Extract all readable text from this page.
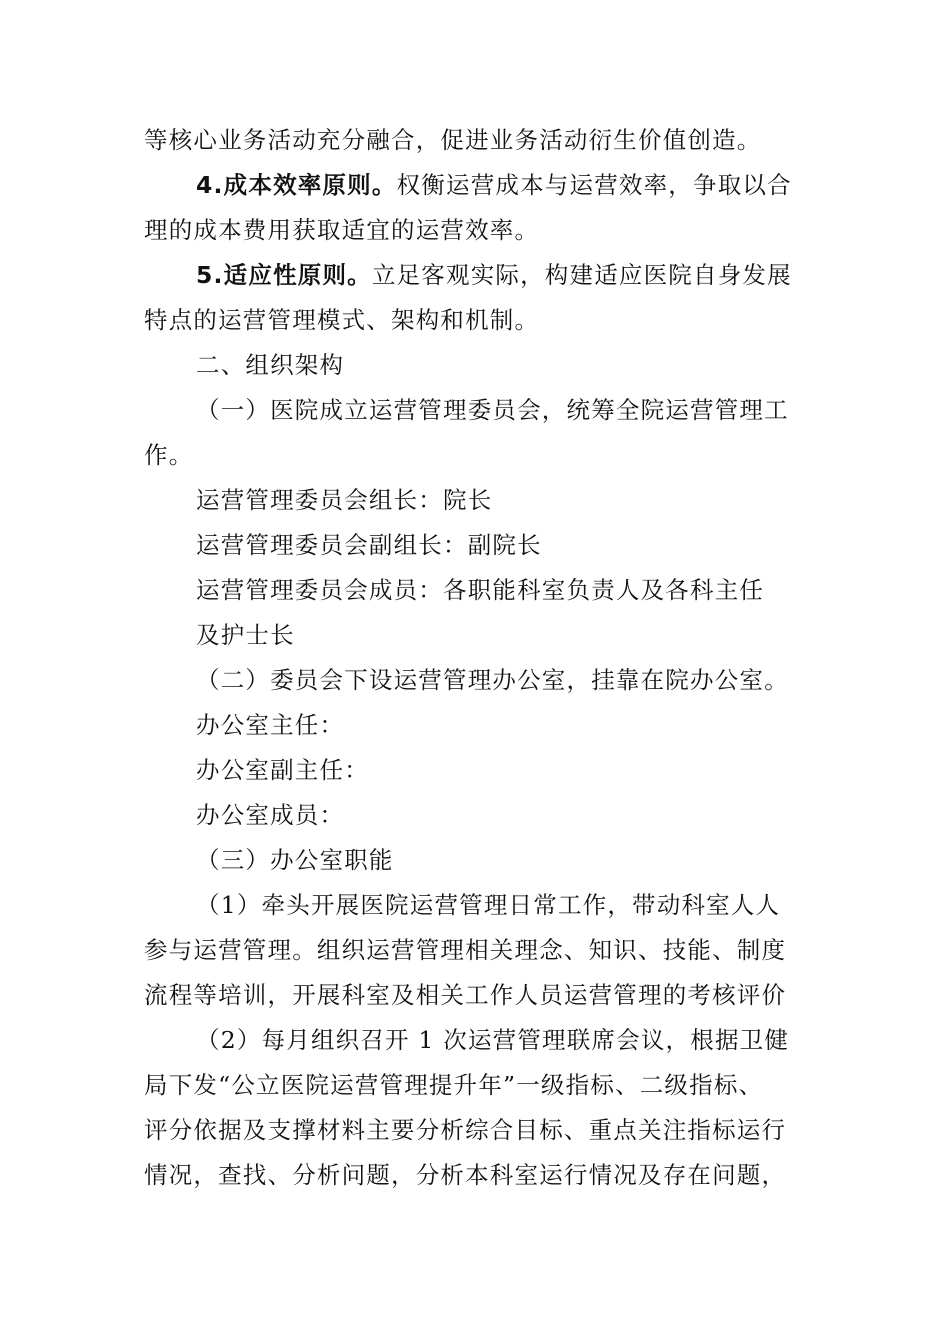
等核心业务活动充分融合，促进业务活动衍生价值创造。
4.成本效率原则。权衡运营成本与运营效率，争取以合
理的成本费用获取适宜的运营效率。
5.适应性原则。立足客观实际，构建适应医院自身发展
特点的运营管理模式、架构和机制。
二、组织架构
（一）医院成立运营管理委员会，统筹全院运营管理工
作。
运营管理委员会组长：院长
运营管理委员会副组长：副院长
运营管理委员会成员：各职能科室负责人及各科主任
及护士长
（二）委员会下设运营管理办公室，挂靠在院办公室。
办公室主任：
办公室副主任：
办公室成员：
（三）办公室职能
（1）牵头开展医院运营管理日常工作，带动科室人人
参与运营管理。组织运营管理相关理念、知识、技能、制度
流程等培训，开展科室及相关工作人员运营管理的考核评价
（2）每月组织召开 1 次运营管理联席会议，根据卫健
局下发“公立医院运营管理提升年”一级指标、二级指标、
评分依据及支撑材料主要分析综合目标、重点关注指标运行
情况，查找、分析问题，分析本科室运行情况及存在问题，
